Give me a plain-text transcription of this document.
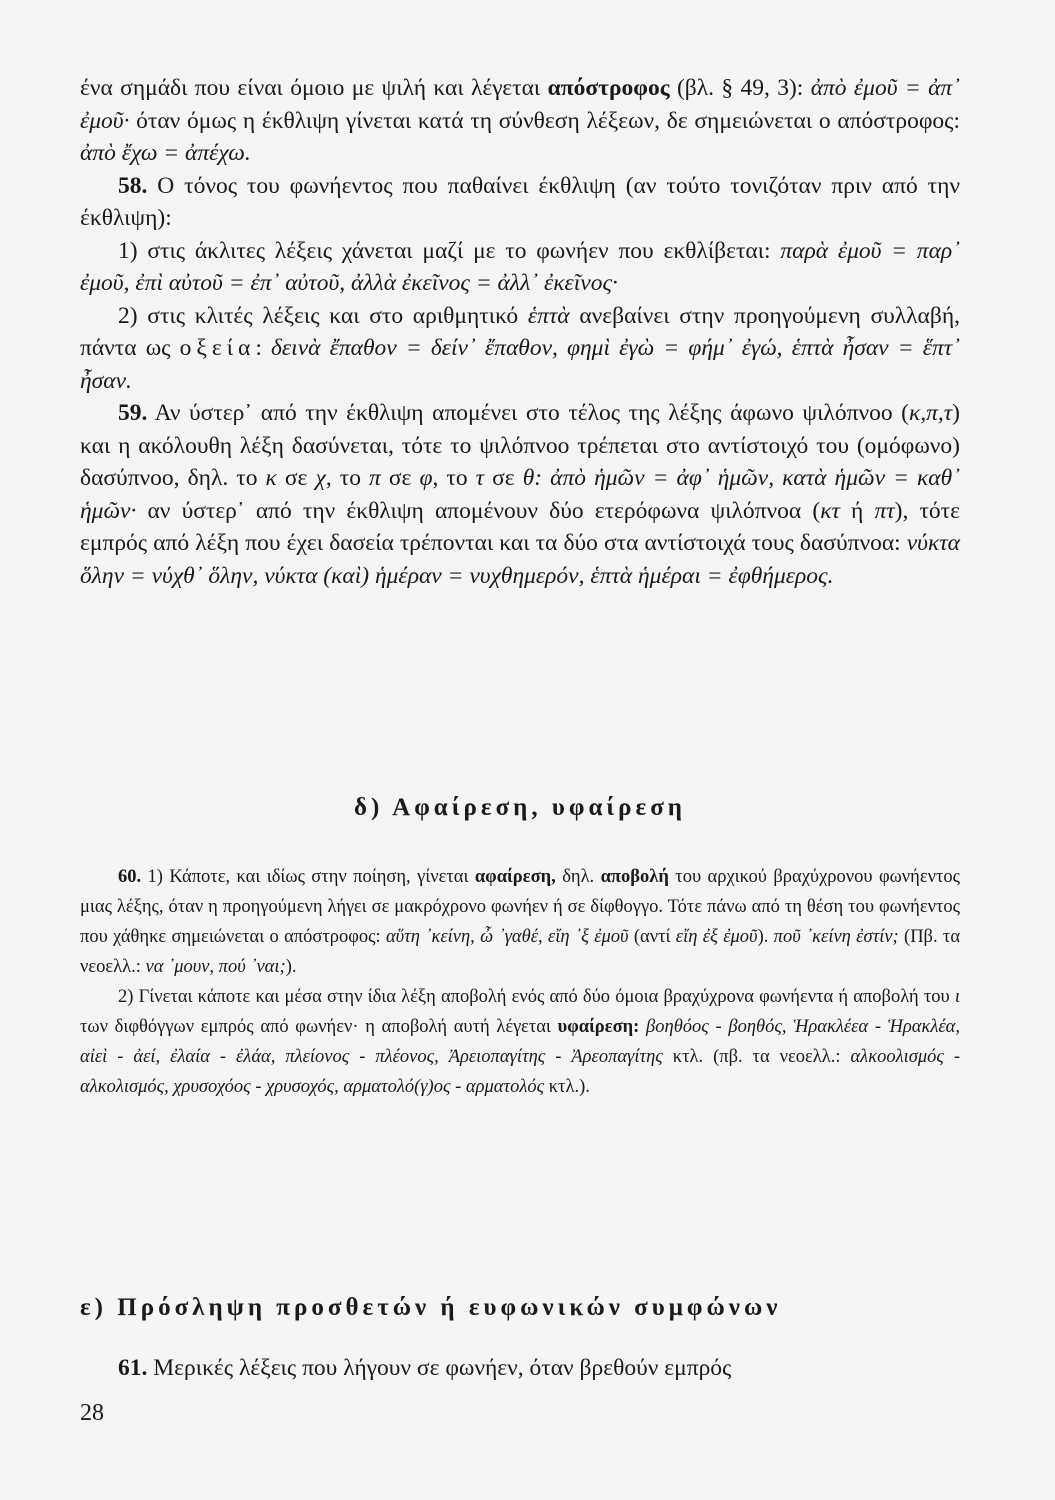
ένα σημάδι που είναι όμοιο με ψιλή και λέγεται απόστροφος (βλ. § 49, 3): ἀπὸ ἐμοῦ = ἀπ᾽ ἐμοῦ· όταν όμως η έκθλιψη γίνεται κατά τη σύνθεση λέξεων, δε σημειώνεται ο απόστροφος: ἀπὸ ἔχω = ἀπέχω.

58. Ο τόνος του φωνήεντος που παθαίνει έκθλιψη (αν τούτο τονιζόταν πριν από την έκθλιψη):

1) στις άκλιτες λέξεις χάνεται μαζί με το φωνήεν που εκθλίβεται: παρὰ ἐμοῦ = παρ᾽ ἐμοῦ, ἐπὶ αὐτοῦ = ἐπ᾽ αὐτοῦ, ἀλλὰ ἐκεῖνος = ἀλλ᾽ ἐκεῖνος·

2) στις κλιτές λέξεις και στο αριθμητικό ἑπτὰ ανεβαίνει στην προηγούμενη συλλαβή, πάντα ως οξεία: δεινὰ ἔπαθον = δείν᾽ ἔπαθον, φημὶ ἐγὼ = φήμ᾽ ἐγώ, ἑπτὰ ἦσαν = ἕπτ᾽ ἦσαν.

59. Αν ύστερ᾽ από την έκθλιψη απομένει στο τέλος της λέξης άφωνο ψιλόπνοο (κ,π,τ) και η ακόλουθη λέξη δασύνεται, τότε το ψιλόπνοο τρέπεται στο αντίστοιχό του (ομόφωνο) δασύπνοο, δηλ. το κ σε χ, το π σε φ, το τ σε θ: ἀπὸ ἡμῶν = ἀφ᾽ ἡμῶν, κατὰ ἡμῶν = καθ᾽ ἡμῶν· αν ύστερ᾽ από την έκθλιψη απομένουν δύο ετερόφωνα ψιλόπνοα (κτ ή πτ), τότε εμπρός από λέξη που έχει δασεία τρέπονται και τα δύο στα αντίστοιχά τους δασύπνοα: νύκτα ὅλην = νύχθ᾽ ὅλην, νύκτα (καὶ) ἡμέραν = νυχθημερόν, ἑπτὰ ἡμέραι = ἐφθήμερος.

δ) Αφαίρεση, υφαίρεση

60. 1) Κάποτε, και ιδίως στην ποίηση, γίνεται αφαίρεση, δηλ. αποβολή του αρχικού βραχύχρονου φωνήεντος μιας λέξης, όταν η προηγούμενη λήγει σε μακρόχρονο φωνήεν ή σε δίφθογγο. Τότε πάνω από τη θέση του φωνήεντος που χάθηκε σημειώνεται ο απόστροφος: αὕτη ᾽κείνη, ὦ ᾽γαθέ, εἴη ᾽ξ ἐμοῦ (αντί εἴη ἐξ ἐμοῦ). ποῦ ᾽κείνη ἐστίν; (Πβ. τα νεοελλ.: να ᾽μουν, πού ᾽ναι;).

2) Γίνεται κάποτε και μέσα στην ίδια λέξη αποβολή ενός από δύο όμοια βραχύχρονα φωνήεντα ή αποβολή του ι των διφθόγγων εμπρός από φωνήεν· η αποβολή αυτή λέγεται υφαίρεση: βοηθόος - βοηθός, Ἡρακλέεα - Ἡρακλέα, αἰεὶ - ἀεί, ἐλαία - ἐλάα, πλείονος - πλέονος, Ἀρειοπαγίτης - Ἀρεοπαγίτης κτλ. (πβ. τα νεοελλ.: αλκοολισμός - αλκολισμός, χρυσοχόος - χρυσοχός, αρματολό(γ)ος - αρματολός κτλ.).

ε) Πρόσληψη προσθετών ή ευφωνικών συμφώνων

61. Μερικές λέξεις που λήγουν σε φωνήεν, όταν βρεθούν εμπρός

28
